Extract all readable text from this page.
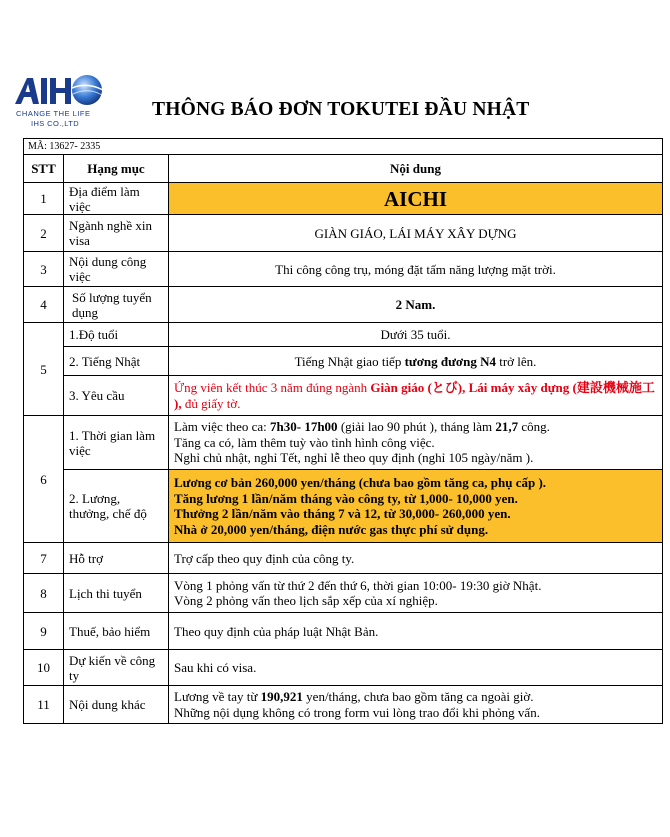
CHANGE THE LIFE
IHS CO.,LTD
THÔNG BÁO ĐƠN TOKUTEI ĐẦU NHẬT
MÃ: 13627- 2335		
STT	Hạng mục	Nội dung
1	Địa điểm làm việc	AICHI
2	Ngành nghề xin visa	GIÀN GIÁO, LÁI MÁY XÂY DỰNG
3	Nội dung công việc	Thi công công trụ, móng đặt tấm năng lượng mặt trời.
4	Số lượng tuyển dụng	2 Nam.
5	1.Độ tuổi	Dưới 35 tuổi.
	2. Tiếng Nhật	Tiếng Nhật giao tiếp tương đương N4 trở lên.
	3. Yêu cầu	Ứng viên kết thúc 3 năm đúng ngành Giàn giáo (とび), Lái máy xây dựng (建設機械施工 ), đủ giấy tờ.
6	1. Thời gian làm việc	Làm việc theo ca: 7h30- 17h00 (giải lao 90 phút ), tháng làm 21,7 công.
Tăng ca có, làm thêm tuỳ vào tình hình công việc.
Nghỉ chủ nhật, nghỉ Tết, nghỉ lễ theo quy định (nghỉ 105 ngày/năm ).

	2. Lương, thưởng, chế độ	Lương cơ bản 260,000 yen/tháng (chưa bao gồm tăng ca, phụ cấp ).
Tăng lương 1 lần/năm tháng vào công ty, từ 1,000- 10,000 yen.
Thưởng 2 lần/năm vào tháng 7 và 12, từ 30,000- 260,000 yen.
Nhà ở 20,000 yen/tháng, điện nước gas thực phí sử dụng.

7	Hỗ trợ	Trợ cấp theo quy định của công ty.
8	Lịch thi tuyển	Vòng 1 phỏng vấn từ thứ 2 đến thứ 6, thời gian 10:00- 19:30 giờ Nhật.
Vòng 2 phỏng vấn theo lịch sắp xếp của xí nghiệp.

9	Thuế, bảo hiểm	Theo quy định của pháp luật Nhật Bản.
10	Dự kiến về công ty	Sau khi có visa.
11	Nội dung khác	Lương về tay từ 190,921 yen/tháng, chưa bao gồm tăng ca ngoài giờ.
Những nội dụng không có trong form vui lòng trao đổi khi phỏng vấn.
